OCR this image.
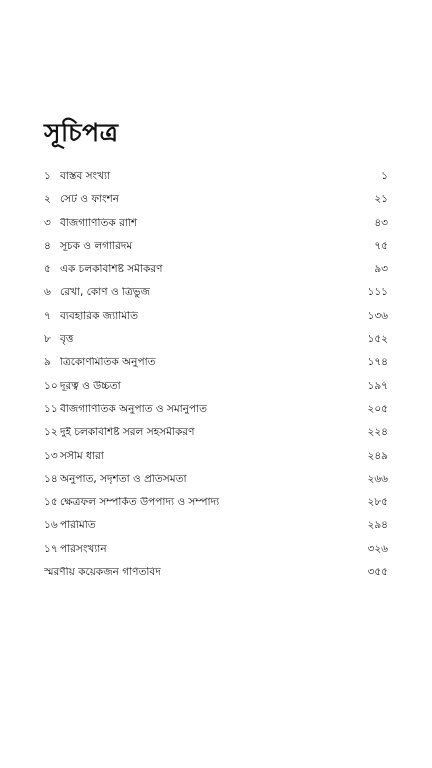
সূচিপত্র
১ বাস্তব সংখ্যা	১
২ সেট ও ফাংশন	২১
৩ বীজগাণিতিক রাশি	৪৩
৪ সূচক ও লগারিদম	৭৫
৫ এক চলকবিশিষ্ট সমীকরণ	৯৩
৬ রেখা, কোণ ও ত্রিভুজ	১১১
৭ ব্যবহারিক জ্যামিতি	১৩৬
৮ বৃত্ত	১৫২
৯ ত্রিকোণমিতিক অনুপাত	১৭৪
১০ দূরত্ব ও উচ্চতা	১৯৭
১১ বীজগাণিতিক অনুপাত ও সমানুপাত	২০৫
১২ দুই চলকবিশিষ্ট সরল সহসমীকরণ	২২৪
১৩ সসীম ধারা	২৪৯
১৪ অনুপাত, সদৃশতা ও প্রতিসমতা	২৬৬
১৫ ক্ষেত্রফল সম্পর্কিত উপপাদ্য ও সম্পাদ্য	২৮৫
১৬ পরিমিতি	২৯৪
১৭ পরিসংখ্যান	৩২৬
স্মরণীয় কয়েকজন গণিতবিদ	৩৫৫
